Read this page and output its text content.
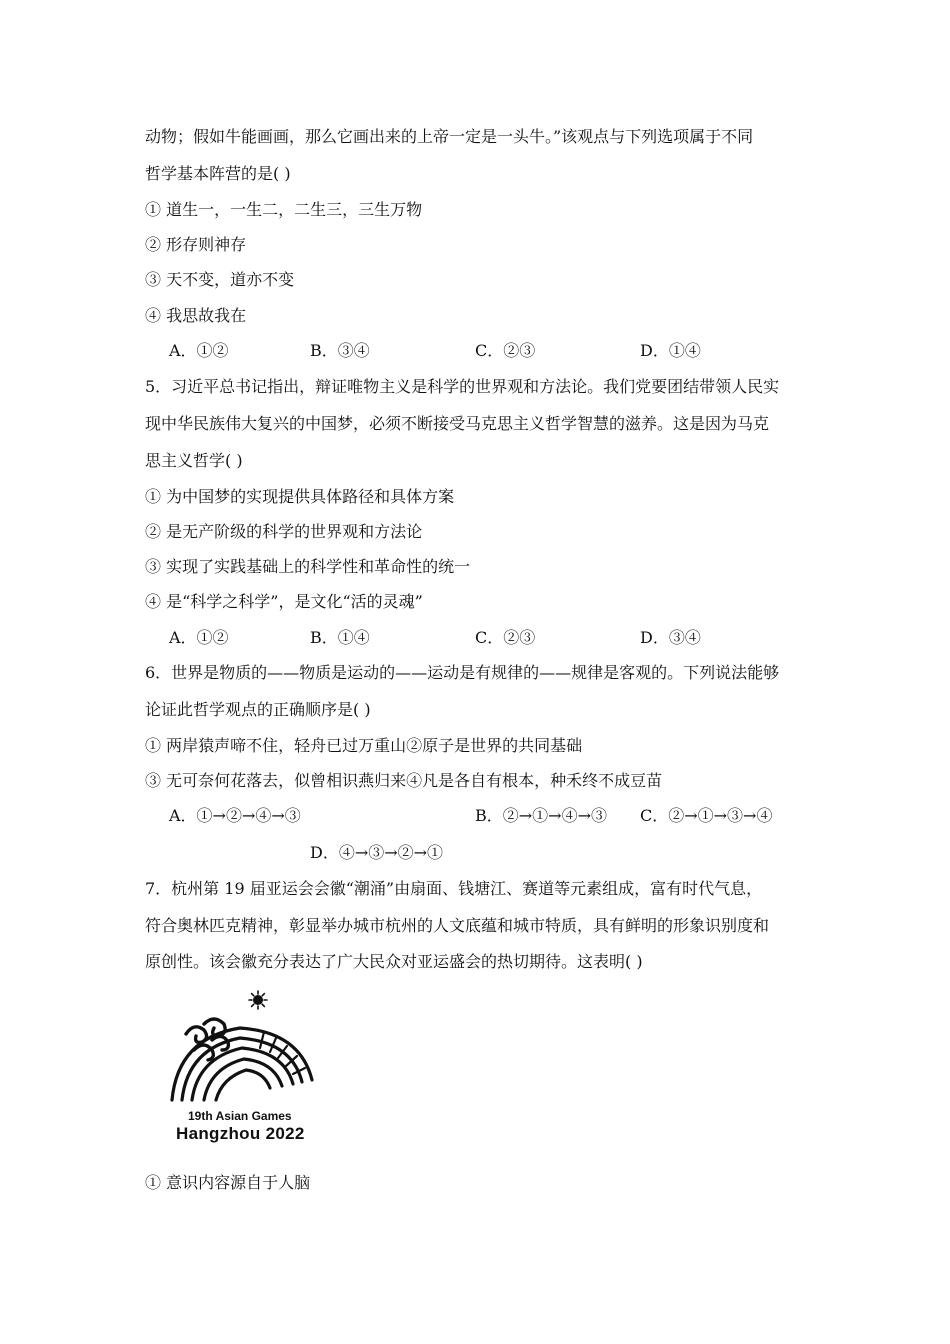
动物；假如牛能画画，那么它画出来的上帝一定是一头牛。”该观点与下列选项属于不同
哲学基本阵营的是( )
① 道生一，一生二，二生三，三生万物
② 形存则神存
③ 天不变，道亦不变
④ 我思故我在
A．①②	B．③④	C．②③	D．①④
5．习近平总书记指出，辩证唯物主义是科学的世界观和方法论。我们党要团结带领人民实
现中华民族伟大复兴的中国梦，必须不断接受马克思主义哲学智慧的滋养。这是因为马克
思主义哲学( )
① 为中国梦的实现提供具体路径和具体方案
② 是无产阶级的科学的世界观和方法论
③ 实现了实践基础上的科学性和革命性的统一
④ 是“科学之科学”，是文化“活的灵魂”
A．①②	B．①④	C．②③	D．③④
6．世界是物质的——物质是运动的——运动是有规律的——规律是客观的。下列说法能够
论证此哲学观点的正确顺序是( )
① 两岸猿声啼不住，轻舟已过万重山②原子是世界的共同基础
③ 无可奈何花落去，似曾相识燕归来④凡是各自有根本，种禾终不成豆苗
A．①→②→④→③	B．②→①→④→③ C．②→①→③→④
D．④→③→②→①
7．杭州第 19 届亚运会会徽“潮涌”由扇面、钱塘江、赛道等元素组成，富有时代气息，
符合奥林匹克精神，彰显举办城市杭州的人文底蕴和城市特质，具有鲜明的形象识别度和
原创性。该会徽充分表达了广大民众对亚运盛会的热切期待。这表明( )
19th Asian Games
Hangzhou 2022
① 意识内容源自于人脑
